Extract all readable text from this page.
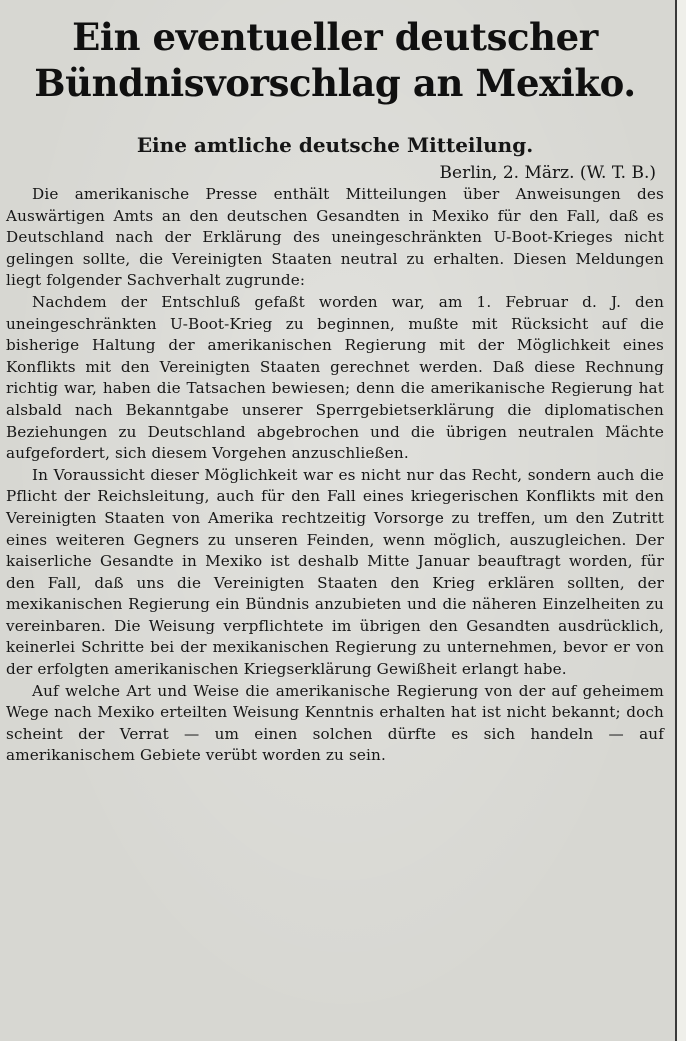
Ein eventueller deutscher Bündnisvorschlag an Mexiko.
Eine amtliche deutsche Mitteilung.
Berlin, 2. März. (W. T. B.)

Die amerikanische Presse enthält Mitteilungen über Anweisungen des Auswärtigen Amts an den deutschen Gesandten in Mexiko für den Fall, daß es Deutschland nach der Erklärung des uneingeschränkten U-Boot-Krieges nicht gelingen sollte, die Vereinigten Staaten neutral zu erhalten. Diesen Meldungen liegt folgender Sachverhalt zugrunde:

Nachdem der Entschluß gefaßt worden war, am 1. Februar d. J. den uneingeschränkten U-Boot-Krieg zu beginnen, mußte mit Rücksicht auf die bisherige Haltung der amerikanischen Regierung mit der Möglichkeit eines Konflikts mit den Vereinigten Staaten gerechnet werden. Daß diese Rechnung richtig war, haben die Tatsachen bewiesen; denn die amerikanische Regierung hat alsbald nach Bekanntgabe unserer Sperrgebietserklärung die diplomatischen Beziehungen zu Deutschland abgebrochen und die übrigen neutralen Mächte aufgefordert, sich diesem Vorgehen anzuschließen.

In Voraussicht dieser Möglichkeit war es nicht nur das Recht, sondern auch die Pflicht der Reichsleitung, auch für den Fall eines kriegerischen Konflikts mit den Vereinigten Staaten von Amerika rechtzeitig Vorsorge zu treffen, um den Zutritt eines weiteren Gegners zu unseren Feinden, wenn möglich, auszugleichen. Der kaiserliche Gesandte in Mexiko ist deshalb Mitte Januar beauftragt worden, für den Fall, daß uns die Vereinigten Staaten den Krieg erklären sollten, der mexikanischen Regierung ein Bündnis anzubieten und die näheren Einzelheiten zu vereinbaren. Die Weisung verpflichtete im übrigen den Gesandten ausdrücklich, keinerlei Schritte bei der mexikanischen Regierung zu unternehmen, bevor er von der erfolgten amerikanischen Kriegserklärung Gewißheit erlangt habe.

Auf welche Art und Weise die amerikanische Regierung von der auf geheimem Wege nach Mexiko erteilten Weisung Kenntnis erhalten hat ist nicht bekannt; doch scheint der Verrat — um einen solchen dürfte es sich handeln — auf amerikanischem Gebiete verübt worden zu sein.
